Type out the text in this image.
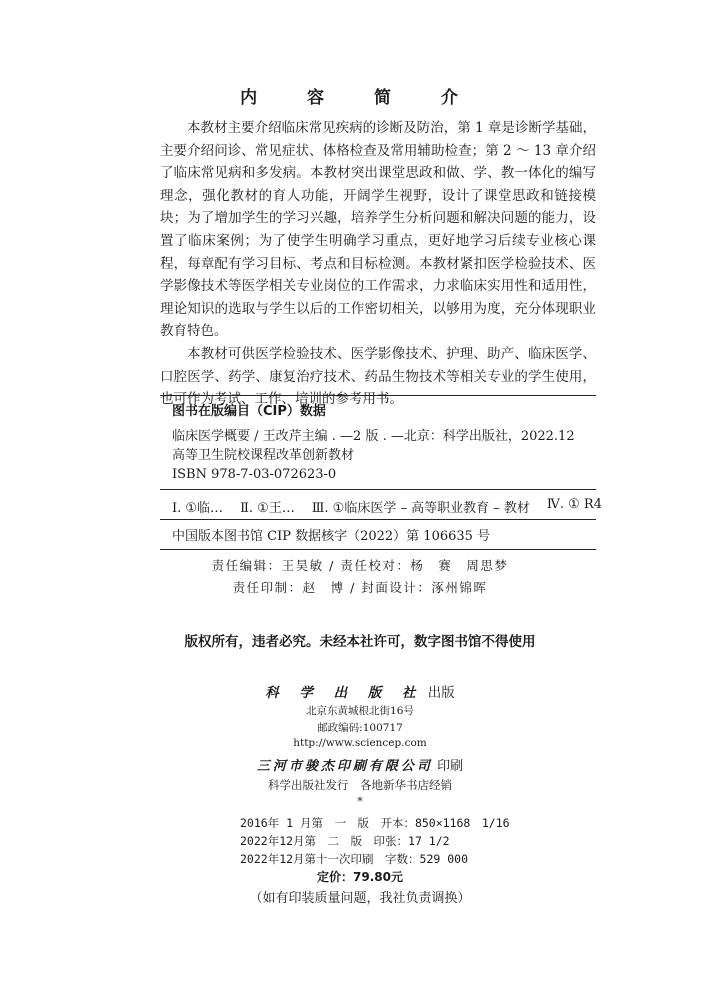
内 容 简 介

本教材主要介绍临床常见疾病的诊断及防治，第 1 章是诊断学基础，主要介绍问诊、常见症状、体格检查及常用辅助检查；第 2 ～ 13 章介绍了临床常见病和多发病。本教材突出课堂思政和做、学、教一体化的编写理念，强化教材的育人功能，开阔学生视野，设计了课堂思政和链接模块；为了增加学生的学习兴趣，培养学生分析问题和解决问题的能力，设置了临床案例；为了使学生明确学习重点，更好地学习后续专业核心课程，每章配有学习目标、考点和目标检测。本教材紧扣医学检验技术、医学影像技术等医学相关专业岗位的工作需求，力求临床实用性和适用性，理论知识的选取与学生以后的工作密切相关，以够用为度，充分体现职业教育特色。

本教材可供医学检验技术、医学影像技术、护理、助产、临床医学、口腔医学、药学、康复治疗技术、药品生物技术等相关专业的学生使用，也可作为考试、工作、培训的参考用书。

图书在版编目（CIP）数据
临床医学概要 / 王改芹主编 . —2 版 . —北京：科学出版社，2022.12
高等卫生院校课程改革创新教材
ISBN 978-7-03-072623-0
Ⅰ. ①临… Ⅱ. ①王… Ⅲ. ①临床医学 – 高等职业教育 – 教材 Ⅳ. ① R4
中国版本图书馆 CIP 数据核字（2022）第 106635 号
责任编辑：王昊敏 / 责任校对：杨　赛　周思梦
责任印制：赵　博 / 封面设计：涿州锦晖
版权所有，违者必究。未经本社许可，数字图书馆不得使用
科 学 出 版 社 出版
北京东黄城根北街16号
邮政编码:100717
http://www.sciencep.com
三河市骏杰印刷有限公司 印刷
科学出版社发行　各地新华书店经销
*
2016年 1 月第　一　版　开本：850×1168　1/16
2022年12月第　二　版　印张：17 1/2
2022年12月第十一次印刷　字数：529 000
定价：79.80元
（如有印装质量问题，我社负责调换）
